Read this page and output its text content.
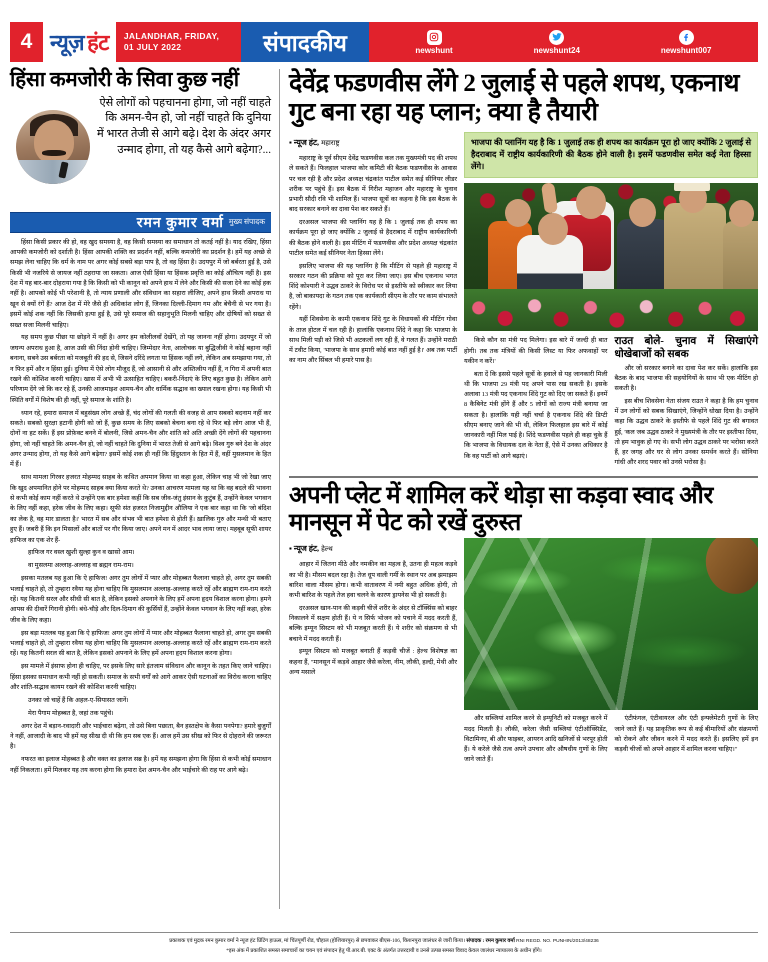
4 न्यूज़ हंट JALANDHAR, FRIDAY,
01 JULY 2022	संपादकीय	newshunt	newshunt24	newshunt007
हिंसा कमजोरी के सिवा कुछ नहीं
ऐसे लोगों को पहचानना होगा, जो नहीं चाहते कि अमन-चैन हो, जो नहीं चाहते कि दुनिया में भारत तेजी से आगे बढ़े। देश के अंदर अगर उन्माद होगा, तो यह कैसे आगे बढ़ेगा?...
रमन कुमार वर्मा मुख्य संपादक

हिंसा किसी प्रकार की हो, वह खुद समस्या है, वह किसी समस्या का समाधान तो कतई नहीं है। याद रखिए, हिंसा आपकी कमजोरी को दर्शाती है। हिंसा आपकी शक्ति का प्रदर्शन नहीं, बल्कि कमजोरी का प्रदर्शन है। हमें यह अच्छे से समझ लेना चाहिए कि धर्म के नाम पर अगर कोई सबसे बड़ा पाप है, तो वह हिंसा है। उदयपुर में जो बर्बरता हुई है, उसे किसी भी नजरिये से जायज नहीं ठहराया जा सकता। आज ऐसी हिंसा या हिंसक प्रवृत्ति का कोई औचित्य नहीं है। इस देश में यह बार-बार दोहराया गया है कि किसी को भी कानून को अपने हाथ में लेने और किसी की सजा देने का कोई हक नहीं है। आपको कोई भी परेशानी है, तो न्याय प्रणाली और संविधान का सहारा लीजिए, अपने हाथ किसी अपराध या खून से क्यों रंगें हैं? आज देश में मेरे जैसे ही अधिकांश लोग हैं, जिनका दिल्ली-दिमाग गम और बेचैनी से भर गया है। इसमें कोई शक नहीं कि जिसकी हत्या हुई है, उसे पूरे समाज की सहानुभूति मिलनी चाहिए और दोषियों को सख्त से सख्त सजा मिलनी चाहिए।

यह समय कुछ पीछा या छोड़ने में नहीं है। अगर हम कोलीलवाँ देखेंगे, तो यह जानना नहीं होगा। उदयपुर में जो जघन्य अपराध हुआ है, आज उसी की निंदा होनी चाहिए। जिम्मेदार नेता, आलोचक या बुद्धिजीवी ने कोई बहाना नहीं बनाना, सबने उस बर्बरता को मजबूती की हद से, जिसने दरिंदे लगता या हिंसक नहीं लगे, लेकिन अब समझाया गया, तो न फिर हमें और न हिंसा हुई। दुनिया में ऐसे लोग मौजूद हैं, जो आसानी से और अस्तित्वीय नहीं हैं, न गिरा में अपनी बात रखने की कोशिश करनी चाहिए। खास में अभी भी उत्साहित चाहिए। बकरी-निंदाएं के लिए बहुत कुछ है। लेकिन आगे परिणाम देंगे जो कि कर रहे हैं, उनकी आजमाइश आमय-चैन और धार्मिक सद्भाव का ख्याल रखना होगा। यह किसी भी स्थिति वर्गों में विशेष की ही नहीं, पूरे समाज के शांति है।

ध्यान रहे, हमारा समाज में बहुसंख्य लोग अच्छे हैं, चंद लोगों की गलती की वजह से आप सबको बदनाम नहीं कर सकते। सबको सुरक्षा हटानी होगी को जो हैं, कुछ समय के लिए सबको बेचना बना रहे थे फिर बड़े लोग आज भी हैं, दोनों ना हट सकें। हैं इस प्रोफ़ेक्ट बनने में बोलनी, जिसे अमन-चैन और शांति को अति अच्छी देंगे लोगों की पहचानना होगा, जो नहीं चाहते कि अमन-चैन हो, जो नहीं चाहते कि दुनिया में भारत तेजी से आगे बढ़े। विश्व गुरु बने देश के अंदर अगर उन्माद होगा, तो यह कैसे आगे बढ़ेगा? इसमें कोई शक ही नहीं कि हिंदुस्तान के हित में हैं, वहीं मुसलमान के हित में हैं।

साथ मामला गिरवर हजरत मोहम्मद साहब के कथित अपमान किया था कहा हुआ, लेकिन चाह भी जो रेखा जाए कि खुद अपमानित होने पर मोहम्मद साहब क्या किया करते थे? उनका आचरण मामला यह था कि वह बदले की भावना से कभी कोई काम नहीं करते थे उन्होंने एक बार हमेशा कहीं कि सब जीव-जंतु इंसान के कुटुंब हैं, उन्होंने केवल भगवान के लिए नहीं कहा, हरेक जीव के लिए कहा। सूफी संत हजरत निजामुद्दीन औलिया ने एक बार कहा था कि 'जो बंदिश का लेक है, वह मार डालता है।' भारत में सब और संभव भी बात हमेशा से होती हैं। ख़ालिक गुरु और मन्थी भी बताए हुए हैं। जबरी हैं कि इन मिसालों और बातों पर गौर किया जाए। अपने मन में आदर भाव लाया जाए। महबूब सूफी शायर हाफिज का एक शेर हैं-

हाफिज गर वस्ल खुशी सुल्हा कुन व खासो आम।

वा मुसलमा अल्लाह-अल्लाह वा ब्रह्मन राम-राम।

इसका मतलब यह हुआ कि ऐ हाफिज! अगर तुम लोगों में प्यार और मोहब्बत फैलाना चाहते हो, अगर तुम सबकी भलाई चाहते हो, तो तुम्हारा रवैया यह होना चाहिए कि मुसलमान अल्लाह-अल्लाह करते रहें और ब्राह्मण राम-राम करते रहें। यह कितनी सरल और सीधी सी बात है, लेकिन इसको अपनाने के लिए हमें अपना हृदय विशाल करना होगा। हमने आपस की दीवारें गिरानी होगी। बंधे-चौड़े और दिल-दिमाग की कुर्सियों हैं, उन्होंने केवल भगवान के लिए नहीं कहा, हरेक जीव के लिए कहा।

इस बड़ा मतलब यह हुआ कि ऐ हाफिज! अगर तुम लोगों में प्यार और मोहब्बत फैलाना चाहते हो, अगर तुम सबकी भलाई चाहते हो, तो तुम्हारा रवैया यह होना चाहिए कि मुसलमान अल्लाह-अल्लाह करते रहें और ब्राह्मण राम-राम करते रहें। यह कितनी सरल सी बात है, लेकिन इसको अपनाने के लिए हमें अपना हृदय विशाल करना होगा।

इस मामले में इंसाफ होना ही चाहिए, पर इसके लिए सारे इंतजाम संविधान और कानून के तहत किए जाने चाहिए। हिंसा इसका समाधान कभी नहीं हो सकती। समाज के सभी वर्गों को आगे आकर ऐसी घटनाओं का विरोध करना चाहिए और शांति-सद्भाव कायम रखने की कोशिश करनी चाहिए।

उनका जो चाहें हैं कि अहल-ए-सियासत जानें।

मेरा पैगाम मोहब्बत है, जहां तक पहुंचे।

अगर देश में बड़ान-रवादारी और भाईचारा बढ़ेगा, तो उसे बिना पछाता, बैन हस्तक्षेप के कैसा पनपेगा? हमारे बुजुर्गों ने नहीं, आजादी के बाद भी हमें यह सीख दी थी कि हम सब एक हैं। आज हमें उस सीख को फिर से दोहराने की जरूरत है।

नफरत का इलाज मोहब्बत है और वक्त का इलाज सब्र है। हमें यह समझना होगा कि हिंसा से कभी कोई समाधान नहीं निकलता। हमें मिलकर यह तय करना होगा कि हमारा देश अमन-चैन और भाईचारे की राह पर आगे बढ़े।

देवेंद्र फडणवीस लेंगे 2 जुलाई से पहले शपथ, एकनाथ गुट बना रहा यह प्लान; क्या है तैयारी
▪ न्यूज हंट, महाराष्ट्र

महाराष्ट्र के पूर्व सीएम देवेंद्र फडणवीस कल तक मुख्यमंत्री पद की शपथ ले सकते हैं। फिलहाल भाजपा कोर कमिटी की बैठक फडणवीस के आवास पर चल रही है और प्रदेश अध्यक्ष चंद्रकांत पाटील समेत कई सीनियर लीडर शरीक पर पहुंचे हैं। इस बैठक में गिरीश महाजन और महाराष्ट्र के चुनाव प्रभारी सौदी रवि भी शामिल हैं। भाजपा सूत्रों का कहना है कि इस बैठक के बाद सरकार बनाने का दावा पेश कर सकते हैं।

दरअसल भाजपा की प्लानिंग यह है कि 1 जुलाई तक ही शपथ का कार्यक्रम पूरा हो जाए क्योंकि 2 जुलाई से हैदराबाद में राष्ट्रीय कार्यकारिणी की बैठक होने वाली है। इस मीटिंग में फडणवीस और प्रदेश अध्यक्ष चंद्रकांत पाटील समेत कई सीनियर नेता हिस्सा लेंगे।

इसलिए भाजपा की यह प्लानिंग है कि मीटिंग से पहले ही महाराष्ट्र में सरकार गठन की प्रक्रिया को पूरा कर लिया जाए। इस बीच एकनाथ भगत शिंदे कोश्यारी ने उद्धव ठाकरे के विरोध पर से इस्तीफे को स्वीकार कर लिया है, जो बाकायदा के गठन तक एक कार्यकारी सीएम के तौर पर काम संभालते रहेंगे।

यहीं शिवसेना के कामी एकनाथ शिंदे गुट के विधायकों की मीटिंग गोवा के ताज होटल में चल रही है। हालांकि एकनाथ शिंदे ने कहा कि भाजपा के साथ मिली पड़ी को जिसे भी अटकलों लग रही हैं, वे गलत हैं। उन्होंने मराठी में टवीट किया, 'भाजपा के साथ हमारी कोई बात नहीं हुई है।' अब तक पार्टी का नाम और सिंबल भी हमारे पास है।

भाजपा की प्लानिंग यह है कि 1 जुलाई तक ही शपथ का कार्यक्रम पूरा हो जाए क्योंकि 2 जुलाई से हैदराबाद में राष्ट्रीय कार्यकारिणी की बैठक होने वाली है। इसमें फडणवीस समेत कई नेता हिस्सा लेंगे।

किसे कौन सा मंत्री पद मिलेगा। इस बारे में जल्दी ही बात होगी। तब तक मंत्रियों की किसी लिस्ट या फिर अफवाहों पर यकीन न करें।'

बता दें कि इससे पहले सूत्रों के हवाले से यह जानकारी मिली थी कि भाजपा 29 मंत्री पद अपने पास रख सकती है। इसके अलावा 13 मंत्री पद एकनाथ शिंदे गुट को दिए जा सकते हैं। इनमें 8 कैबिनेट मंत्री होंगे हैं और 5 लोगों को राज्य मंत्री बनाया जा सकता है। हालांकि यही नहीं चर्चा है एकनाथ शिंदे की डिप्टी सीएम बनाए जाने की भी थी, लेकिन फिलहाल इस बारे में कोई जानकारी नहीं मिल पाई है। शिंदे फडणवीस पहले ही कहा चुके हैं कि भाजपा के विधायक दल के नेता हैं, ऐसे में उनका अधिकार है कि वह पार्टी को आगे बढ़ाएं।

राउत बोले- चुनाव में सिखाएंगे धोखेबाजों को सबक

और जो सरकार बनाने का दावा पेश कर सकें। हालांकि इस बैठक के बाद भाजपा की सहयोगियों के साथ भी एक मीटिंग हो सकती है।

इस बीच शिवसेना नेता संजय राउत ने कहा है कि हम चुनाव में उन लोगों को सबक सिखाएंगे, जिन्होंने धोखा दिया है। उन्होंने कहा कि उद्धव ठाकरे के इस्तीफे से पहले शिंदे गुट की बगावत हुई, 'कल जब उद्धव ठाकरे ने मुख्यमंत्री के तौर पर इस्तीफा दिया, तो हम भावुक हो गए थे। सभी लोग उद्धव ठाकरे पर भरोसा करते हैं, हर जगह और घर से लोग उनका समर्थन करते हैं। सोनिया गांधी और शरद पवार को उनसे भरोसा है।

अपनी प्लेट में शामिल करें थोड़ा सा कड़वा स्वाद और मानसून में पेट को रखें दुरुस्त
▪ न्यूज हंट, हेल्थ

आहार में जितना मीठे और नमकीन का महत्व है, उतना ही महत्व कड़वे का भी है। मौसम बदल रहा है। तेज धूप वाली गर्मी के स्थान पर अब झमाझम बारिश वाला मौसम होगा। कभी वातावरण में नमी बहुत अधिक होगी, तो कभी बारिश के पहले तेज हवा चलने के कारण ड्रायनेस भी हो सकती है।

दरअसल खान-पान की कड़वी चीजें शरीर के अंदर से टॉक्सिंस को बाहर निकालने में सक्षम होती हैं। ये न सिर्फ भोजन को पचाने में मदद करती हैं, बल्कि इम्यून सिस्टम को भी मजबूत करती हैं। ये शरीर को संक्रमण से भी बचाने में मदद करती हैं।

इम्यून सिस्टम को मजबूत बनाती हैं कड़वी चीजें : हेल्थ विशेषज्ञ का कहना हैं, "मानसून में कड़वे आहार जैसे करेला, नीम, लौकी, हल्दी, मेथी और अन्य मसाले

और सब्जियां शामिल करने से इम्यूनिटी को मजबूत करने में मदद मिलती है। लौकी, करेला जैसी सब्जियां एंटीऑक्सिडेंट, विटामिनए, बी और फाइबर, आयरन आदि खनिजों से भरपूर होती हैं। ये करेले जैसे तत्व अपने उपचार और औषधीय गुणों के लिए जाने जाते हैं।

एंटीफंगल, एंटीवायरल और एंटी इन्फ्लेमेटरी गुणों के लिए जाने जाते हैं। यह प्राकृतिक रूप से कई बीमारियों और संक्रमणों को रोकने और जीवन करने में मदद करते हैं। इसलिए हमें इन कड़वी चीजों को अपने आहार में शामिल करना चाहिए।"

प्रकाशक एवं मुद्रक रमन कुमार वर्मा ने न्यूज हंट प्रिंटिंग हाऊस, मां चिंतपूर्णी रोड, चौहाल (होशियारपुर) से छपवाकर बीएस-106, किशनपुरा जालंधर से जारी किया। संपादक : रमन कुमार वर्मा RNI REGD. NO. PUNHIN/2013/48236
*इस अंक में प्रकाशित समस्त समाचारों का चयन एवं संपादन हेतु पी.आर.बी. एक्ट के अंतर्गत उत्तरदायी व उनसे उत्पन्न समस्त विवाद केवल जालंधर न्यायालय के अधीन होंगे।
